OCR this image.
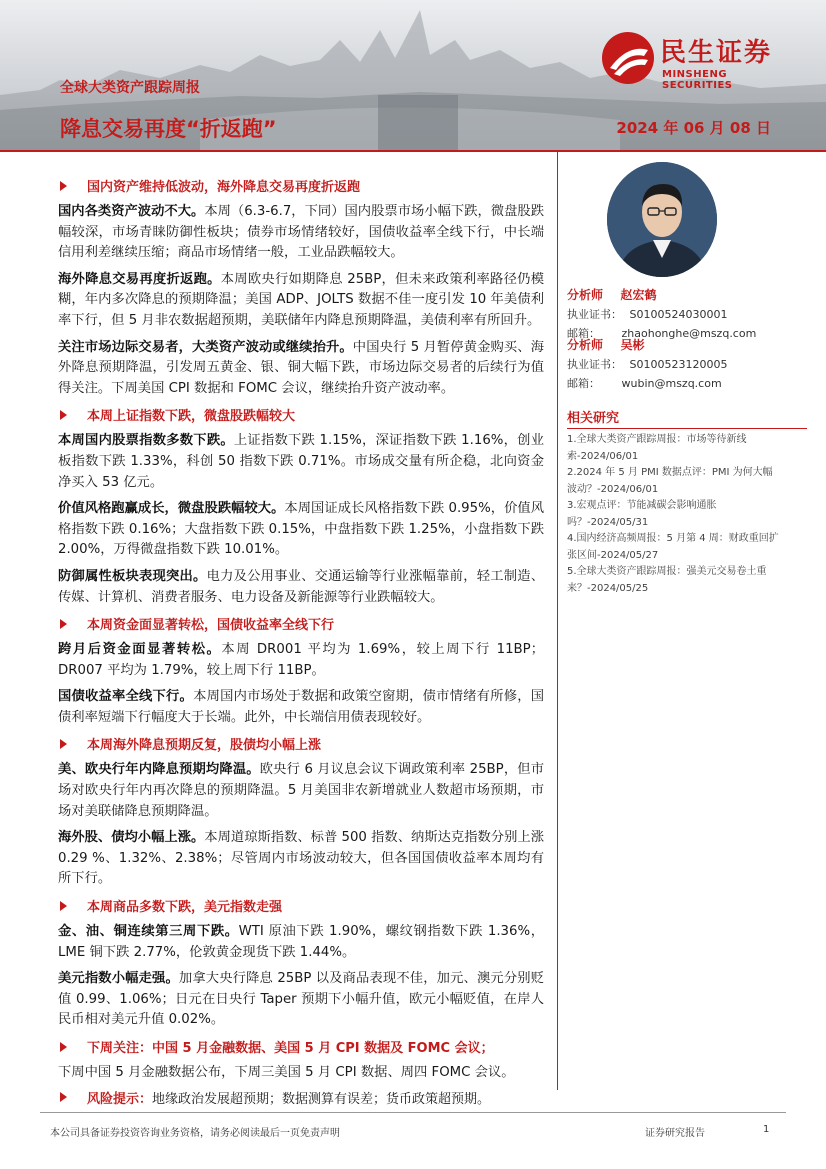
全球大类资产跟踪周报
降息交易再度“折返跑”	2024 年 06 月 08 日
民生证券
MINSHENG SECURITIES
国内资产维持低波动，海外降息交易再度折返跑
国内各类资产波动不大。本周（6.3-6.7，下同）国内股票市场小幅下跌，微盘股跌幅较深，市场青睐防御性板块；债券市场情绪较好，国债收益率全线下行，中长端信用利差继续压缩；商品市场情绪一般，工业品跌幅较大。
海外降息交易再度折返跑。本周欧央行如期降息 25BP，但未来政策利率路径仍模糊，年内多次降息的预期降温；美国 ADP、JOLTS 数据不佳一度引发 10 年美债利率下行，但 5 月非农数据超预期，美联储年内降息预期降温，美债利率有所回升。
关注市场边际交易者，大类资产波动或继续抬升。中国央行 5 月暂停黄金购买、海外降息预期降温，引发周五黄金、银、铜大幅下跌，市场边际交易者的后续行为值得关注。下周美国 CPI 数据和 FOMC 会议，继续抬升资产波动率。
本周上证指数下跌，微盘股跌幅较大
本周国内股票指数多数下跌。上证指数下跌 1.15%，深证指数下跌 1.16%，创业板指数下跌 1.33%，科创 50 指数下跌 0.71%。市场成交量有所企稳，北向资金净买入 53 亿元。
价值风格跑赢成长，微盘股跌幅较大。本周国证成长风格指数下跌 0.95%，价值风格指数下跌 0.16%；大盘指数下跌 0.15%，中盘指数下跌 1.25%，小盘指数下跌 2.00%，万得微盘指数下跌 10.01%。
防御属性板块表现突出。电力及公用事业、交通运输等行业涨幅靠前，轻工制造、传媒、计算机、消费者服务、电力设备及新能源等行业跌幅较大。
本周资金面显著转松，国债收益率全线下行
跨月后资金面显著转松。本周 DR001 平均为 1.69%，较上周下行 11BP；DR007 平均为 1.79%，较上周下行 11BP。
国债收益率全线下行。本周国内市场处于数据和政策空窗期，债市情绪有所修，国债利率短端下行幅度大于长端。此外，中长端信用债表现较好。
本周海外降息预期反复，股债均小幅上涨
美、欧央行年内降息预期均降温。欧央行 6 月议息会议下调政策利率 25BP，但市场对欧央行年内再次降息的预期降温。5 月美国非农新增就业人数超市场预期，市场对美联储降息预期降温。
海外股、债均小幅上涨。本周道琼斯指数、标普 500 指数、纳斯达克指数分别上涨 0.29 %、1.32%、2.38%；尽管周内市场波动较大，但各国国债收益率本周均有所下行。
本周商品多数下跌，美元指数走强
金、油、铜连续第三周下跌。WTI 原油下跌 1.90%，螺纹钢指数下跌 1.36%，LME 铜下跌 2.77%，伦敦黄金现货下跌 1.44%。
美元指数小幅走强。加拿大央行降息 25BP 以及商品表现不佳，加元、澳元分别贬值 0.99、1.06%；日元在日央行 Taper 预期下小幅升值，欧元小幅贬值，在岸人民币相对美元升值 0.02%。
下周关注：中国 5 月金融数据、美国 5 月 CPI 数据及 FOMC 会议；
下周中国 5 月金融数据公布，下周三美国 5 月 CPI 数据、周四 FOMC 会议。
风险提示： 地缘政治发展超预期；数据测算有误差；货币政策超预期。
分析师 赵宏鹤
执业证书： S0100524030001
邮箱： zhaohonghe@mszq.com
分析师 吴彬
执业证书： S0100523120005
邮箱： wubin@mszq.com
相关研究
1.全球大类资产跟踪周报：市场等待新线索-2024/06/01
2.2024 年 5 月 PMI 数据点评：PMI 为何大幅波动？-2024/06/01
3.宏观点评：节能减碳会影响通胀吗？-2024/05/31
4.国内经济高频周报：5 月第 4 周：财政重回扩张区间-2024/05/27
5.全球大类资产跟踪周报：强美元交易卷土重来？-2024/05/25
本公司具备证券投资咨询业务资格，请务必阅读最后一页免责声明	证券研究报告	1
